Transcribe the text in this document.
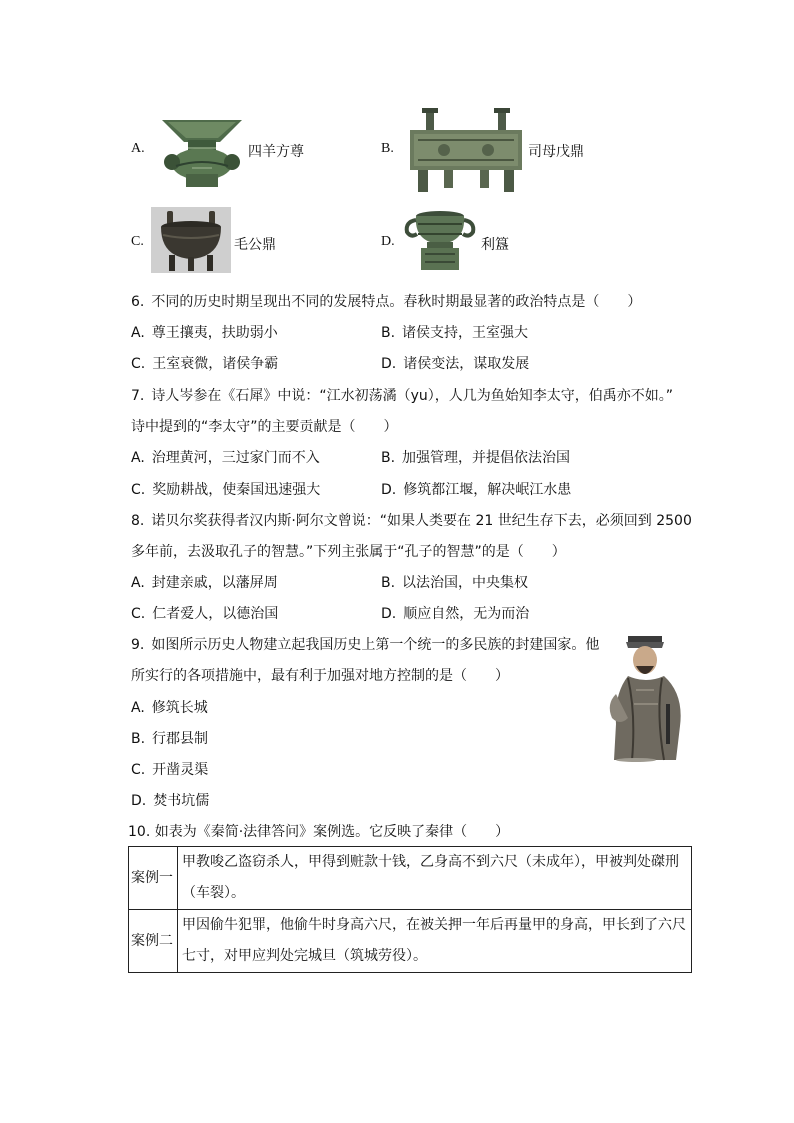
A.	四羊方尊	B.	司母戊鼎
C.	毛公鼎	D.	利簋
6. 不同的历史时期呈现出不同的发展特点。春秋时期最显著的政治特点是（  ）
A. 尊王攘夷，扶助弱小	B. 诸侯支持，王室强大
C. 王室衰微，诸侯争霸	D. 诸侯变法，谋取发展
7. 诗人岑参在《石犀》中说：“江水初荡潏（yu），人几为鱼始知李太守，伯禹亦不如。”
诗中提到的“李太守”的主要贡献是（  ）
A. 治理黄河，三过家门而不入	B. 加强管理，并提倡依法治国
C. 奖励耕战，使秦国迅速强大	D. 修筑都江堰，解决岷江水患
8. 诺贝尔奖获得者汉内斯·阿尔文曾说：“如果人类要在 21 世纪生存下去，必须回到 2500
多年前，去汲取孔子的智慧。”下列主张属于“孔子的智慧”的是（  ）
A. 封建亲戚，以藩屏周	B. 以法治国，中央集权
C. 仁者爱人，以德治国	D. 顺应自然，无为而治
9. 如图所示历史人物建立起我国历史上第一个统一的多民族的封建国家。他
所实行的各项措施中，最有利于加强对地方控制的是（  ）
A. 修筑长城
B. 行郡县制
C. 开凿灵渠
D. 焚书坑儒
10. 如表为《秦简·法律答问》案例选。它反映了秦律（  ）
案例一	甲教唆乙盗窃杀人，甲得到赃款十钱，乙身高不到六尺（未成年），甲被判处磔刑（车裂）。
案例二	甲因偷牛犯罪，他偷牛时身高六尺，在被关押一年后再量甲的身高，甲长到了六尺七寸，对甲应判处完城旦（筑城劳役）。
